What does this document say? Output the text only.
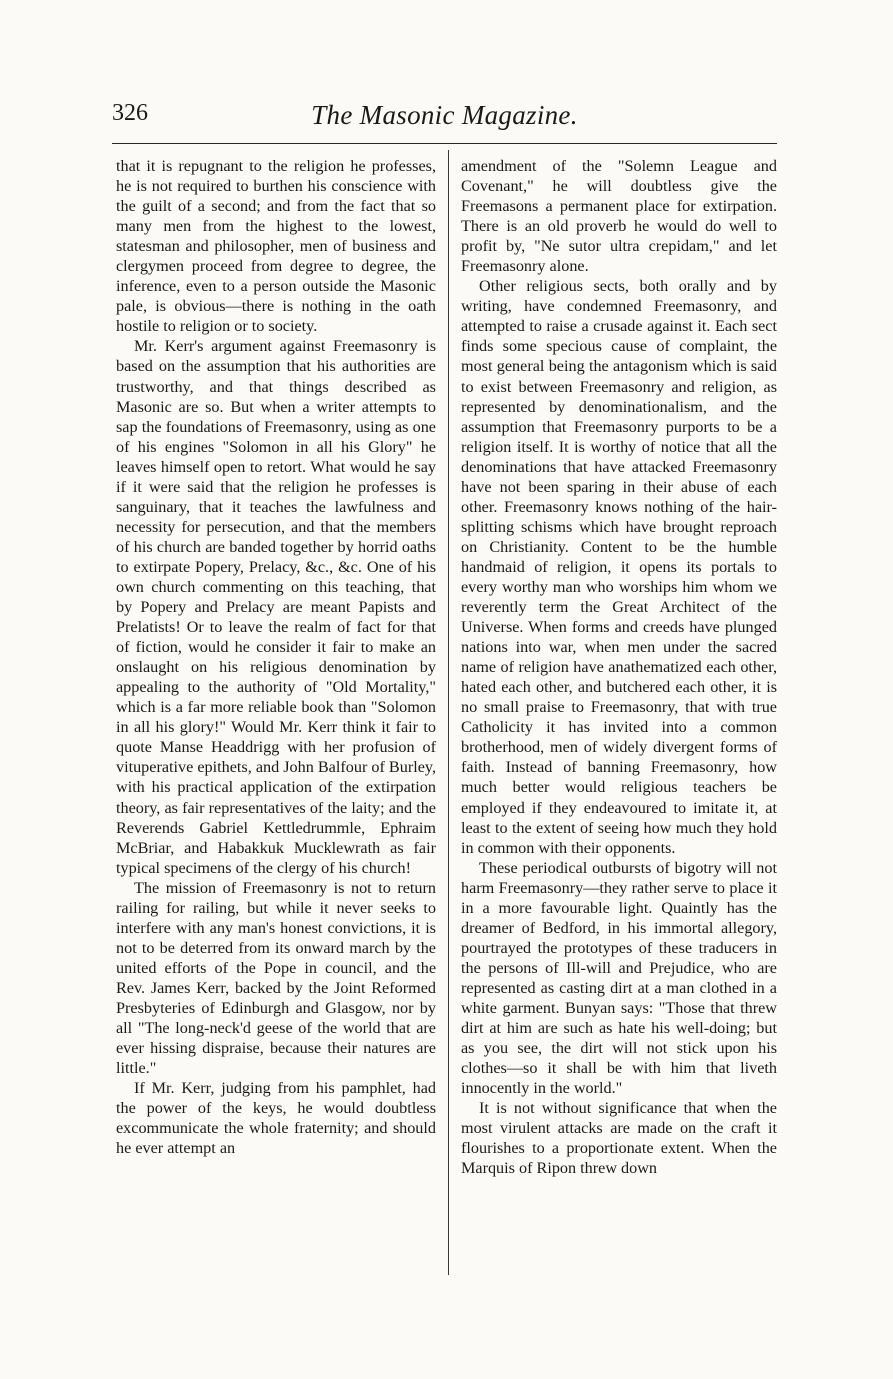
326	The Masonic Magazine.

that it is repugnant to the religion he professes, he is not required to burthen his conscience with the guilt of a second; and from the fact that so many men from the highest to the lowest, statesman and philosopher, men of business and clergymen proceed from degree to degree, the inference, even to a person outside the Masonic pale, is obvious—there is nothing in the oath hostile to religion or to society.

Mr. Kerr's argument against Freemasonry is based on the assumption that his authorities are trustworthy, and that things described as Masonic are so. But when a writer attempts to sap the foundations of Freemasonry, using as one of his engines "Solomon in all his Glory" he leaves himself open to retort. What would he say if it were said that the religion he professes is sanguinary, that it teaches the lawfulness and necessity for persecution, and that the members of his church are banded together by horrid oaths to extirpate Popery, Prelacy, &c., &c. One of his own church commenting on this teaching, that by Popery and Prelacy are meant Papists and Prelatists! Or to leave the realm of fact for that of fiction, would he consider it fair to make an onslaught on his religious denomination by appealing to the authority of "Old Mortality," which is a far more reliable book than "Solomon in all his glory!" Would Mr. Kerr think it fair to quote Manse Headdrigg with her profusion of vituperative epithets, and John Balfour of Burley, with his practical application of the extirpation theory, as fair representatives of the laity; and the Reverends Gabriel Kettledrummle, Ephraim McBriar, and Habakkuk Mucklewrath as fair typical specimens of the clergy of his church!

The mission of Freemasonry is not to return railing for railing, but while it never seeks to interfere with any man's honest convictions, it is not to be deterred from its onward march by the united efforts of the Pope in council, and the Rev. James Kerr, backed by the Joint Reformed Presbyteries of Edinburgh and Glasgow, nor by all "The long-neck'd geese of the world that are ever hissing dispraise, because their natures are little."

If Mr. Kerr, judging from his pamphlet, had the power of the keys, he would doubtless excommunicate the whole fraternity; and should he ever attempt an

amendment of the "Solemn League and Covenant," he will doubtless give the Freemasons a permanent place for extirpation. There is an old proverb he would do well to profit by, "Ne sutor ultra crepidam," and let Freemasonry alone.

Other religious sects, both orally and by writing, have condemned Freemasonry, and attempted to raise a crusade against it. Each sect finds some specious cause of complaint, the most general being the antagonism which is said to exist between Freemasonry and religion, as represented by denominationalism, and the assumption that Freemasonry purports to be a religion itself. It is worthy of notice that all the denominations that have attacked Freemasonry have not been sparing in their abuse of each other. Freemasonry knows nothing of the hair-splitting schisms which have brought reproach on Christianity. Content to be the humble handmaid of religion, it opens its portals to every worthy man who worships him whom we reverently term the Great Architect of the Universe. When forms and creeds have plunged nations into war, when men under the sacred name of religion have anathematized each other, hated each other, and butchered each other, it is no small praise to Freemasonry, that with true Catholicity it has invited into a common brotherhood, men of widely divergent forms of faith. Instead of banning Freemasonry, how much better would religious teachers be employed if they endeavoured to imitate it, at least to the extent of seeing how much they hold in common with their opponents.

These periodical outbursts of bigotry will not harm Freemasonry—they rather serve to place it in a more favourable light. Quaintly has the dreamer of Bedford, in his immortal allegory, pourtrayed the prototypes of these traducers in the persons of Ill-will and Prejudice, who are represented as casting dirt at a man clothed in a white garment. Bunyan says: "Those that threw dirt at him are such as hate his well-doing; but as you see, the dirt will not stick upon his clothes—so it shall be with him that liveth innocently in the world."

It is not without significance that when the most virulent attacks are made on the craft it flourishes to a proportionate extent. When the Marquis of Ripon threw down
